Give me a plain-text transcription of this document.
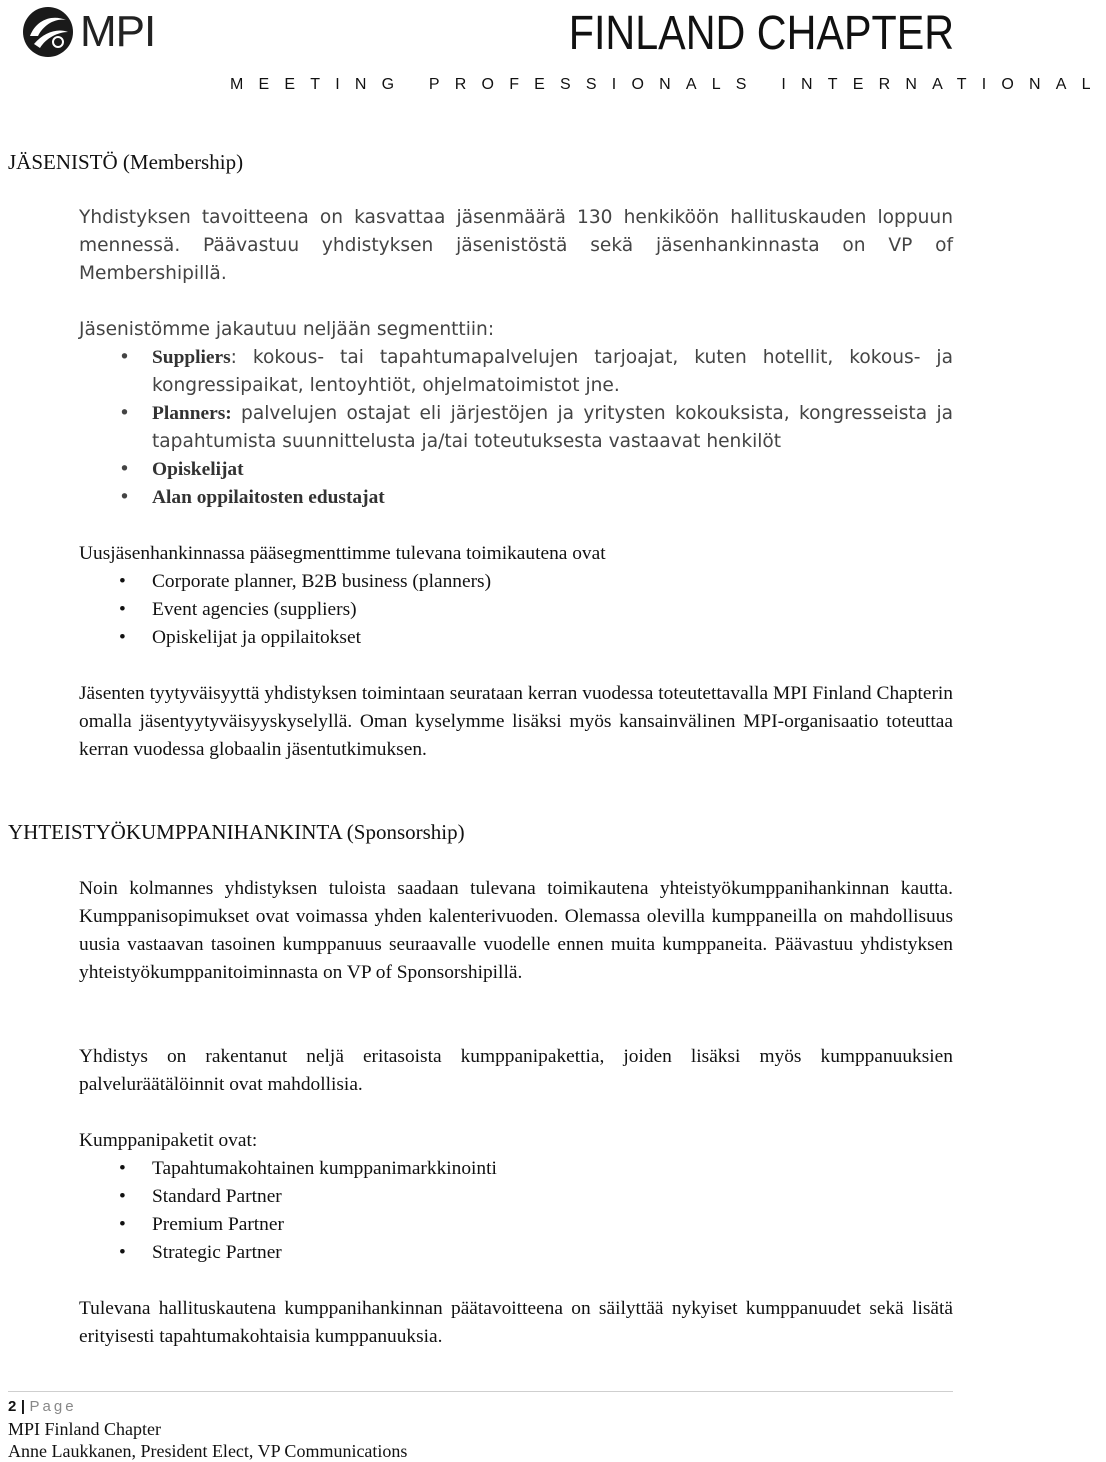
MPI	FINLAND CHAPTER
MEETING PROFESSIONALS INTERNATIONAL
JÄSENISTÖ (Membership)

Yhdistyksen tavoitteena on kasvattaa jäsenmäärä 130 henkiköön hallituskauden loppuun mennessä. Päävastuu yhdistyksen jäsenistöstä sekä jäsenhankinnasta on VP of Membershipillä.

Jäsenistömme jakautuu neljään segmenttiin:

• Suppliers: kokous- tai tapahtumapalvelujen tarjoajat, kuten hotellit, kokous- ja kongressipaikat, lentoyhtiöt, ohjelmatoimistot jne.
• Planners: palvelujen ostajat eli järjestöjen ja yritysten kokouksista, kongresseista ja tapahtumista suunnittelusta ja/tai toteutuksesta vastaavat henkilöt
• Opiskelijat
• Alan oppilaitosten edustajat

Uusjäsenhankinnassa pääsegmenttimme tulevana toimikautena ovat

• Corporate planner, B2B business (planners)
• Event agencies (suppliers)
• Opiskelijat ja oppilaitokset

Jäsenten tyytyväisyyttä yhdistyksen toimintaan seurataan kerran vuodessa toteutettavalla MPI Finland Chapterin omalla jäsentyytyväisyyskyselyllä. Oman kyselymme lisäksi myös kansainvälinen MPI-organisaatio toteuttaa kerran vuodessa globaalin jäsentutkimuksen.

YHTEISTYÖKUMPPANIHANKINTA (Sponsorship)

Noin kolmannes yhdistyksen tuloista saadaan tulevana toimikautena yhteistyökumppanihankinnan kautta. Kumppanisopimukset ovat voimassa yhden kalenterivuoden. Olemassa olevilla kumppaneilla on mahdollisuus uusia vastaavan tasoinen kumppanuus seuraavalle vuodelle ennen muita kumppaneita. Päävastuu yhdistyksen yhteistyökumppanitoiminnasta on VP of Sponsorshipillä.

Yhdistys on rakentanut neljä eritasoista kumppanipakettia, joiden lisäksi myös kumppanuuksien palveluräätälöinnit ovat mahdollisia.

Kumppanipaketit ovat:

• Tapahtumakohtainen kumppanimarkkinointi
• Standard Partner
• Premium Partner
• Strategic Partner

Tulevana hallituskautena kumppanihankinnan päätavoitteena on säilyttää nykyiset kumppanuudet sekä lisätä erityisesti tapahtumakohtaisia kumppanuuksia.

2 | Page
MPI Finland Chapter
Anne Laukkanen, President Elect, VP Communications
